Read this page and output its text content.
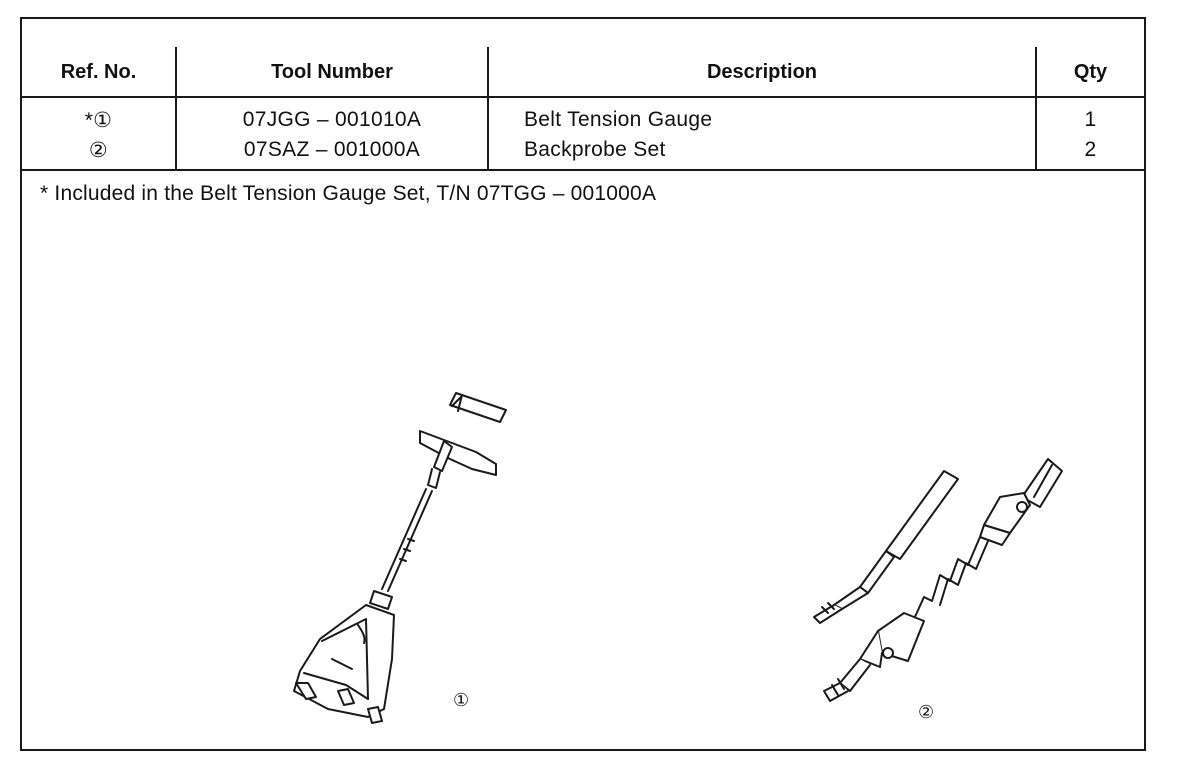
Ref. No.	Tool Number	Description	Qty
*①	07JGG – 001010A	Belt Tension Gauge	1
②	07SAZ – 001000A	Backprobe Set	2
* Included in the Belt Tension Gauge Set, T/N 07TGG – 001000A
①
②
